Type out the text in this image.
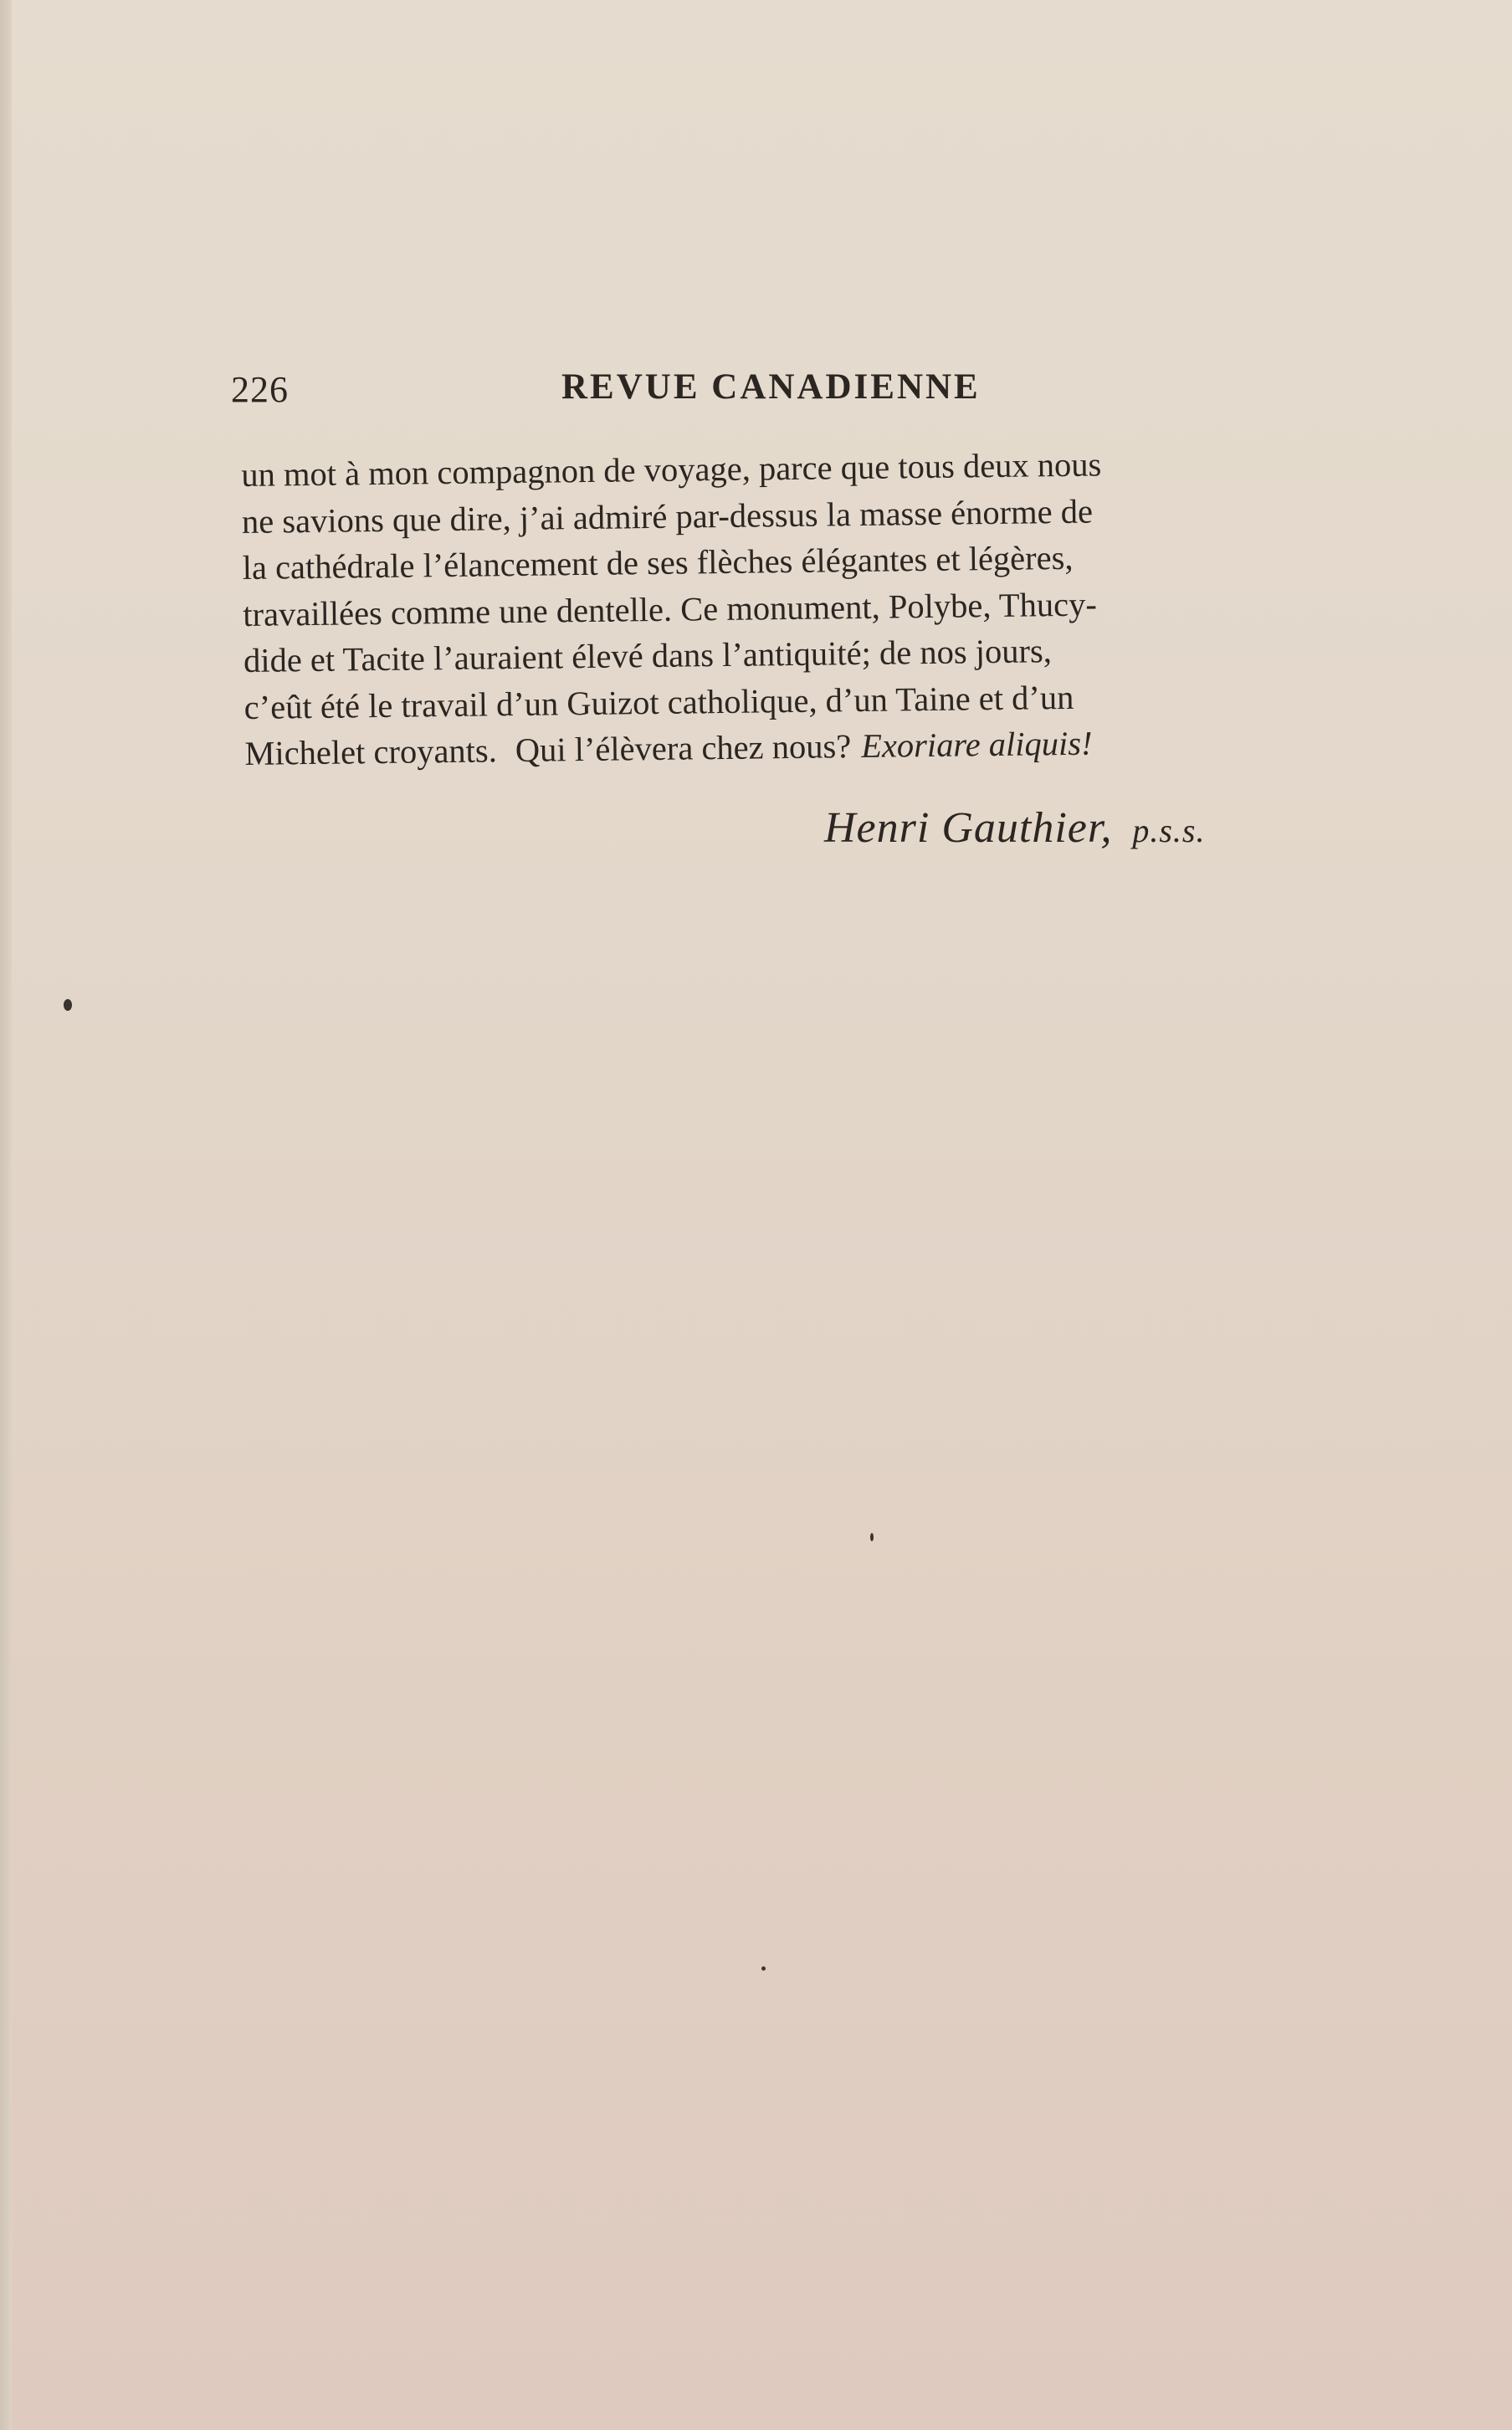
226	REVUE CANADIENNE
un mot à mon compagnon de voyage, parce que tous deux nous
ne savions que dire, j’ai admiré par-dessus la masse énorme de
la cathédrale l’élancement de ses flèches élégantes et légères,
travaillées comme une dentelle. Ce monument, Polybe, Thucy-
dide et Tacite l’auraient élevé dans l’antiquité; de nos jours,
c’eût été le travail d’un Guizot catholique, d’un Taine et d’un
Michelet croyants. Qui l’élèvera chez nous? Exoriare aliquis!
Henri Gauthier, p.s.s.
